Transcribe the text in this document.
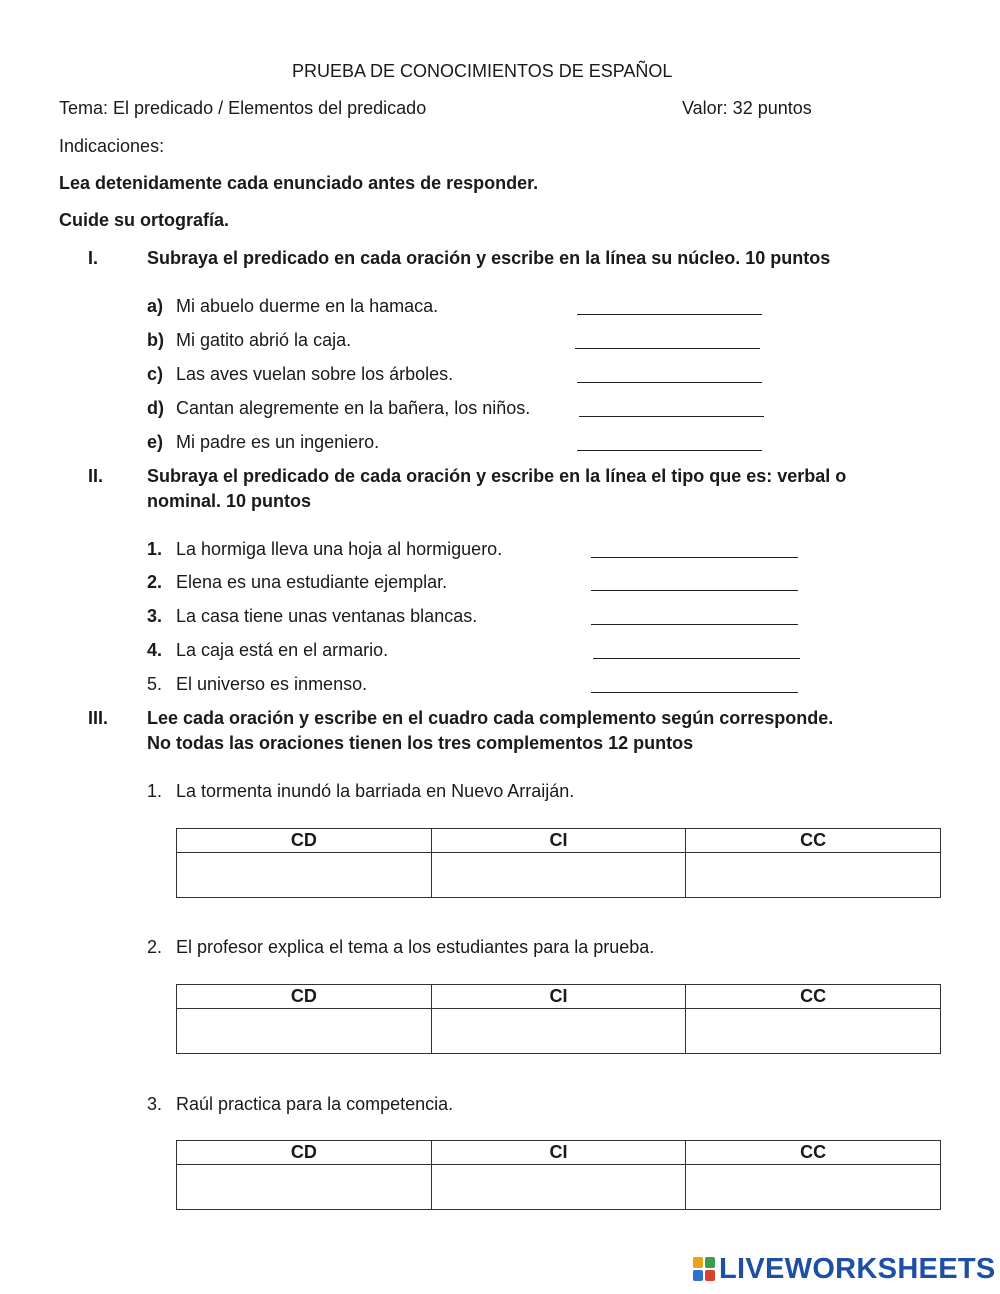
PRUEBA DE CONOCIMIENTOS DE ESPAÑOL
Tema: El predicado / Elementos del predicado	Valor: 32 puntos
Indicaciones:
Lea detenidamente cada enunciado antes de responder.
Cuide su ortografía.
I.	Subraya el predicado en cada oración y escribe en la línea su núcleo. 10 puntos
a) Mi abuelo duerme en la hamaca.
b) Mi gatito abrió la caja.
c) Las aves vuelan sobre los árboles.
d) Cantan alegremente en la bañera, los niños.
e) Mi padre es un ingeniero.
II. Subraya el predicado de cada oración y escribe en la línea el tipo que es: verbal o
nominal. 10 puntos
1. La hormiga lleva una hoja al hormiguero.
2. Elena es una estudiante ejemplar.
3. La casa tiene unas ventanas blancas.
4. La caja está en el armario.
5. El universo es inmenso.
III. Lee cada oración y escribe en el cuadro cada complemento según corresponde.
No todas las oraciones tienen los tres complementos 12 puntos
1. La tormenta inundó la barriada en Nuevo Arraiján.
CD	CI	CC

2. El profesor explica el tema a los estudiantes para la prueba.
CD	CI	CC

3. Raúl practica para la competencia.
CD	CI	CC

LIVEWORKSHEETS
